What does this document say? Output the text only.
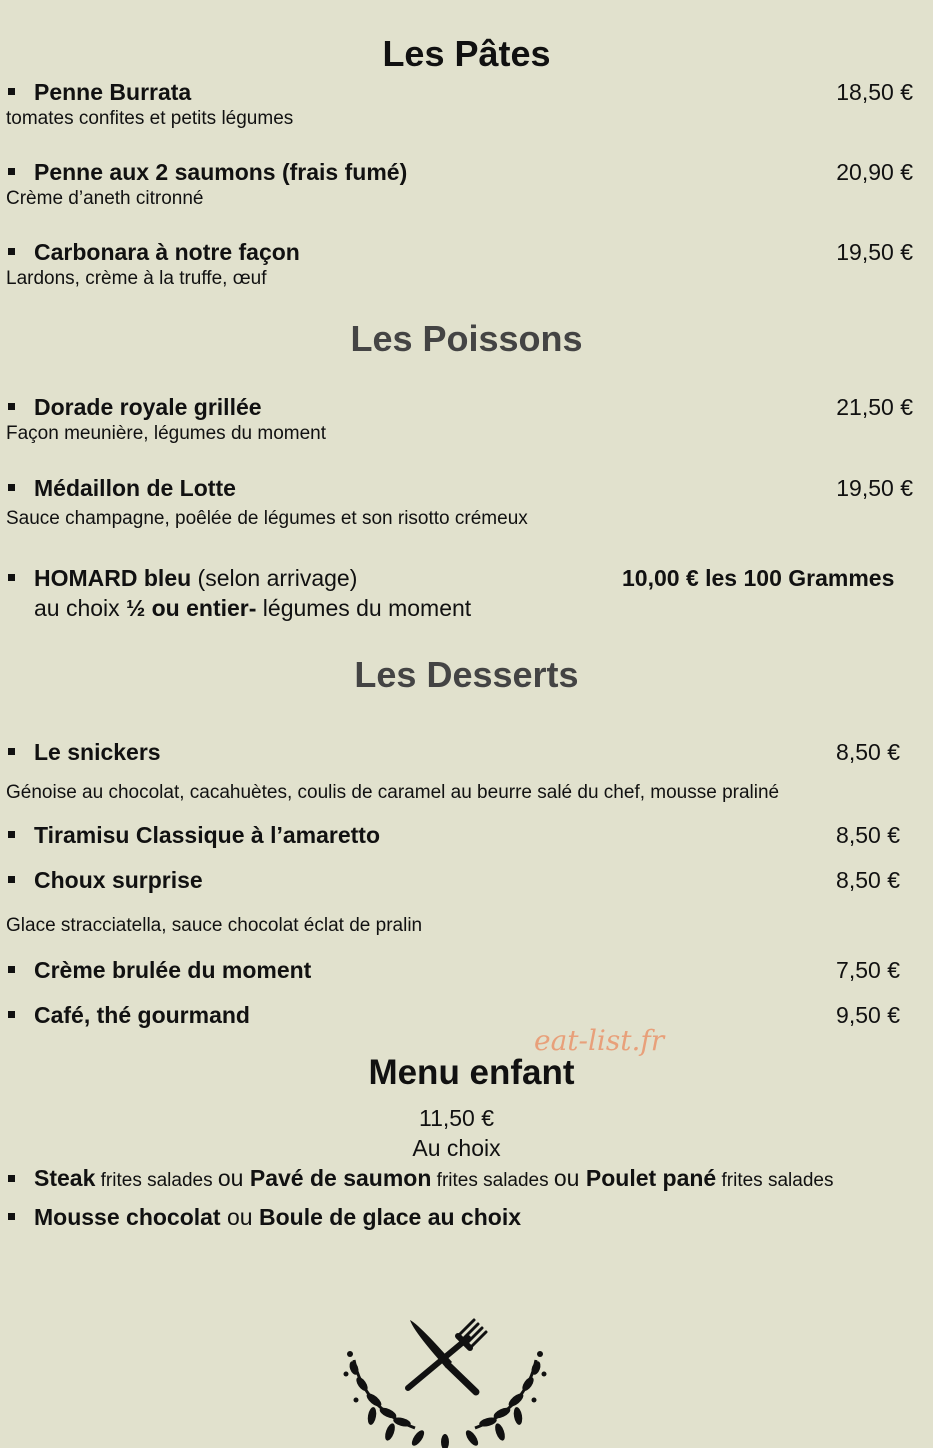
Les Pâtes
Penne Burrata	18,50 €
tomates confites et petits légumes
Penne aux 2 saumons (frais fumé)	20,90 €
Crème d’aneth citronné
Carbonara à notre façon	19,50 €
Lardons, crème à la truffe, œuf
Les Poissons
Dorade royale grillée	21,50 €
Façon meunière, légumes du moment
Médaillon de Lotte	19,50 €
Sauce champagne, poêlée de légumes et son risotto crémeux
HOMARD bleu (selon arrivage)	10,00 € les 100 Grammes
au choix ½ ou entier- légumes du moment
Les Desserts
Le snickers	8,50 €
Génoise au chocolat, cacahuètes, coulis de caramel au beurre salé du chef, mousse praliné
Tiramisu Classique à l’amaretto	8,50 €
Choux surprise	8,50 €
Glace stracciatella, sauce chocolat éclat de pralin
Crème brulée du moment	7,50 €
Café, thé gourmand	9,50 €
eat-list.fr
Menu enfant
11,50 €
Au choix
Steak frites salades ou Pavé de saumon frites salades ou Poulet pané frites salades
Mousse chocolat ou Boule de glace au choix
